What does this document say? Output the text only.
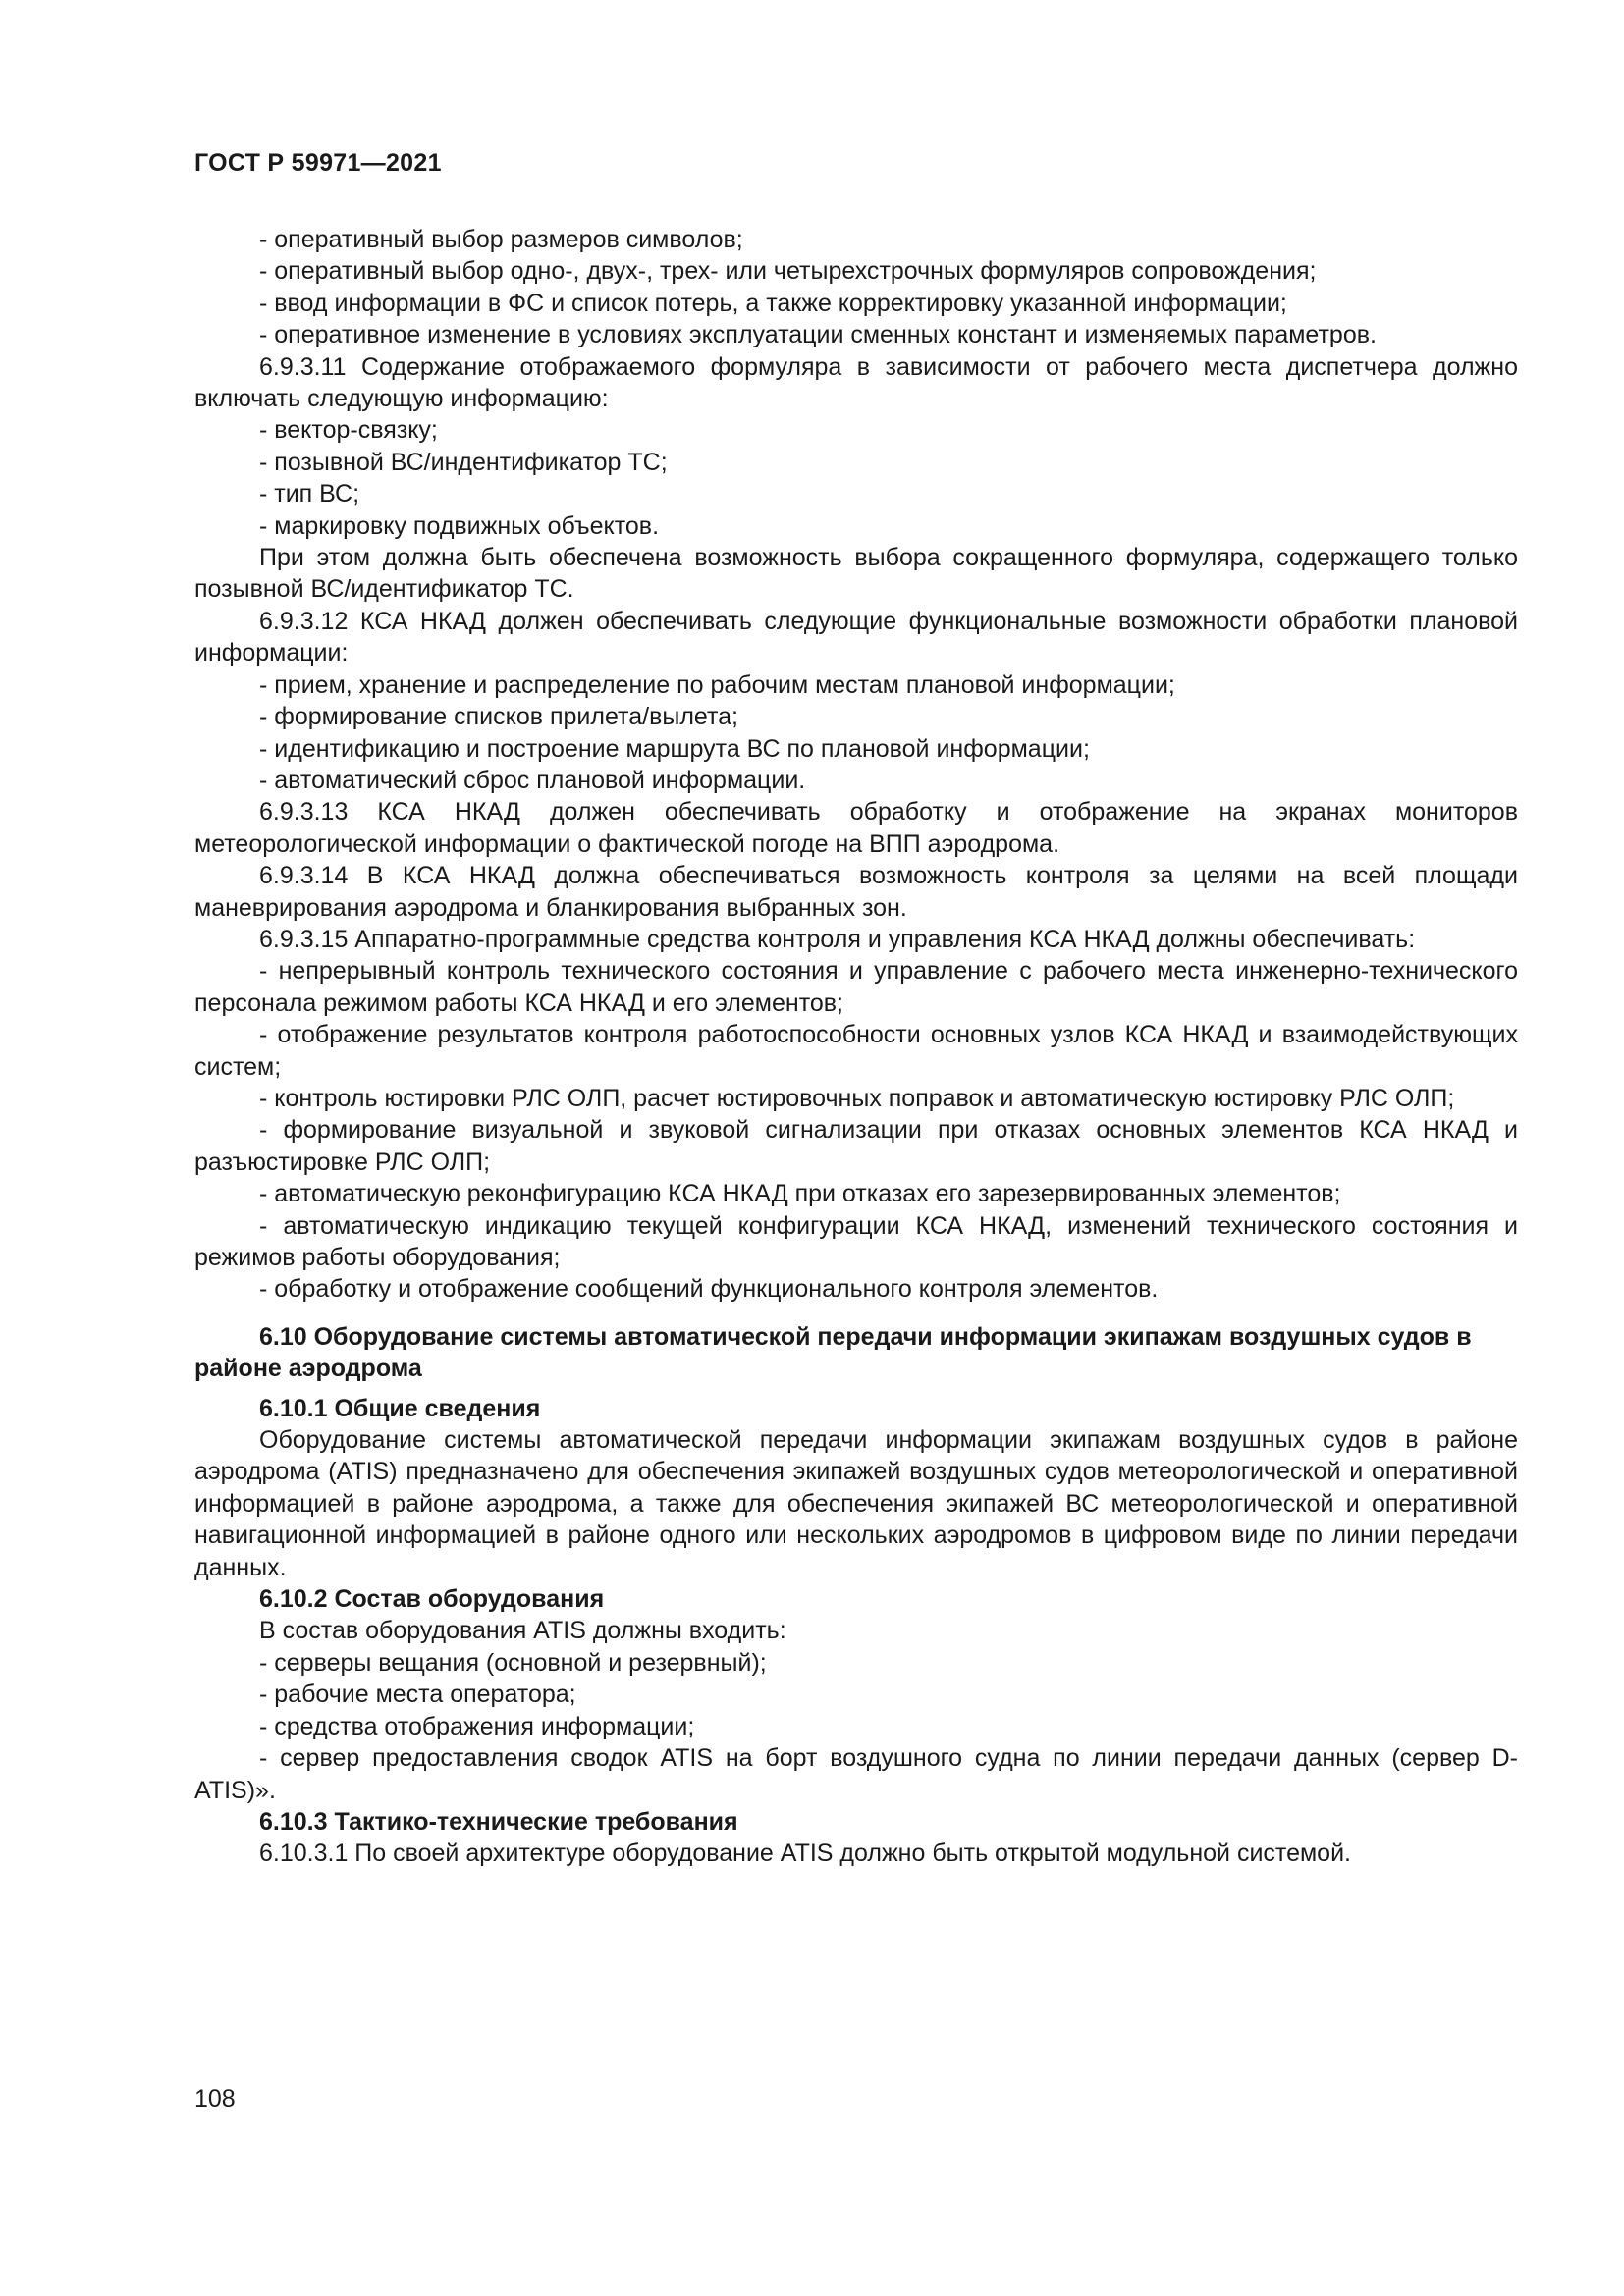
ГОСТ Р 59971—2021

- оперативный выбор размеров символов;

- оперативный выбор одно-, двух-, трех- или четырехстрочных формуляров сопровождения;

- ввод информации в ФС и список потерь, а также корректировку указанной информации;

- оперативное изменение в условиях эксплуатации сменных констант и изменяемых параметров.

6.9.3.11 Содержание отображаемого формуляра в зависимости от рабочего места диспетчера должно включать следующую информацию:

- вектор-связку;

- позывной ВС/индентификатор ТС;

- тип ВС;

- маркировку подвижных объектов.

При этом должна быть обеспечена возможность выбора сокращенного формуляра, содержащего только позывной ВС/идентификатор ТС.

6.9.3.12 КСА НКАД должен обеспечивать следующие функциональные возможности обработки плановой информации:

- прием, хранение и распределение по рабочим местам плановой информации;

- формирование списков прилета/вылета;

- идентификацию и построение маршрута ВС по плановой информации;

- автоматический сброс плановой информации.

6.9.3.13 КСА НКАД должен обеспечивать обработку и отображение на экранах мониторов метеорологической информации о фактической погоде на ВПП аэродрома.

6.9.3.14 В КСА НКАД должна обеспечиваться возможность контроля за целями на всей площади маневрирования аэродрома и бланкирования выбранных зон.

6.9.3.15 Аппаратно-программные средства контроля и управления КСА НКАД должны обеспечивать:

- непрерывный контроль технического состояния и управление с рабочего места инженерно-технического персонала режимом работы КСА НКАД и его элементов;

- отображение результатов контроля работоспособности основных узлов КСА НКАД и взаимодействующих систем;

- контроль юстировки РЛС ОЛП, расчет юстировочных поправок и автоматическую юстировку РЛС ОЛП;

- формирование визуальной и звуковой сигнализации при отказах основных элементов КСА НКАД и разъюстировке РЛС ОЛП;

- автоматическую реконфигурацию КСА НКАД при отказах его зарезервированных элементов;

- автоматическую индикацию текущей конфигурации КСА НКАД, изменений технического состояния и режимов работы оборудования;

- обработку и отображение сообщений функционального контроля элементов.

6.10 Оборудование системы автоматической передачи информации экипажам воздушных судов в районе аэродрома

6.10.1 Общие сведения

Оборудование системы автоматической передачи информации экипажам воздушных судов в районе аэродрома (ATIS) предназначено для обеспечения экипажей воздушных судов метеорологической и оперативной информацией в районе аэродрома, а также для обеспечения экипажей ВС метеорологической и оперативной навигационной информацией в районе одного или нескольких аэродромов в цифровом виде по линии передачи данных.

6.10.2 Состав оборудования

В состав оборудования ATIS должны входить:

- серверы вещания (основной и резервный);

- рабочие места оператора;

- средства отображения информации;

- сервер предоставления сводок ATIS на борт воздушного судна по линии передачи данных (сервер D-ATIS)».

6.10.3 Тактико-технические требования

6.10.3.1 По своей архитектуре оборудование ATIS должно быть открытой модульной системой.

108
